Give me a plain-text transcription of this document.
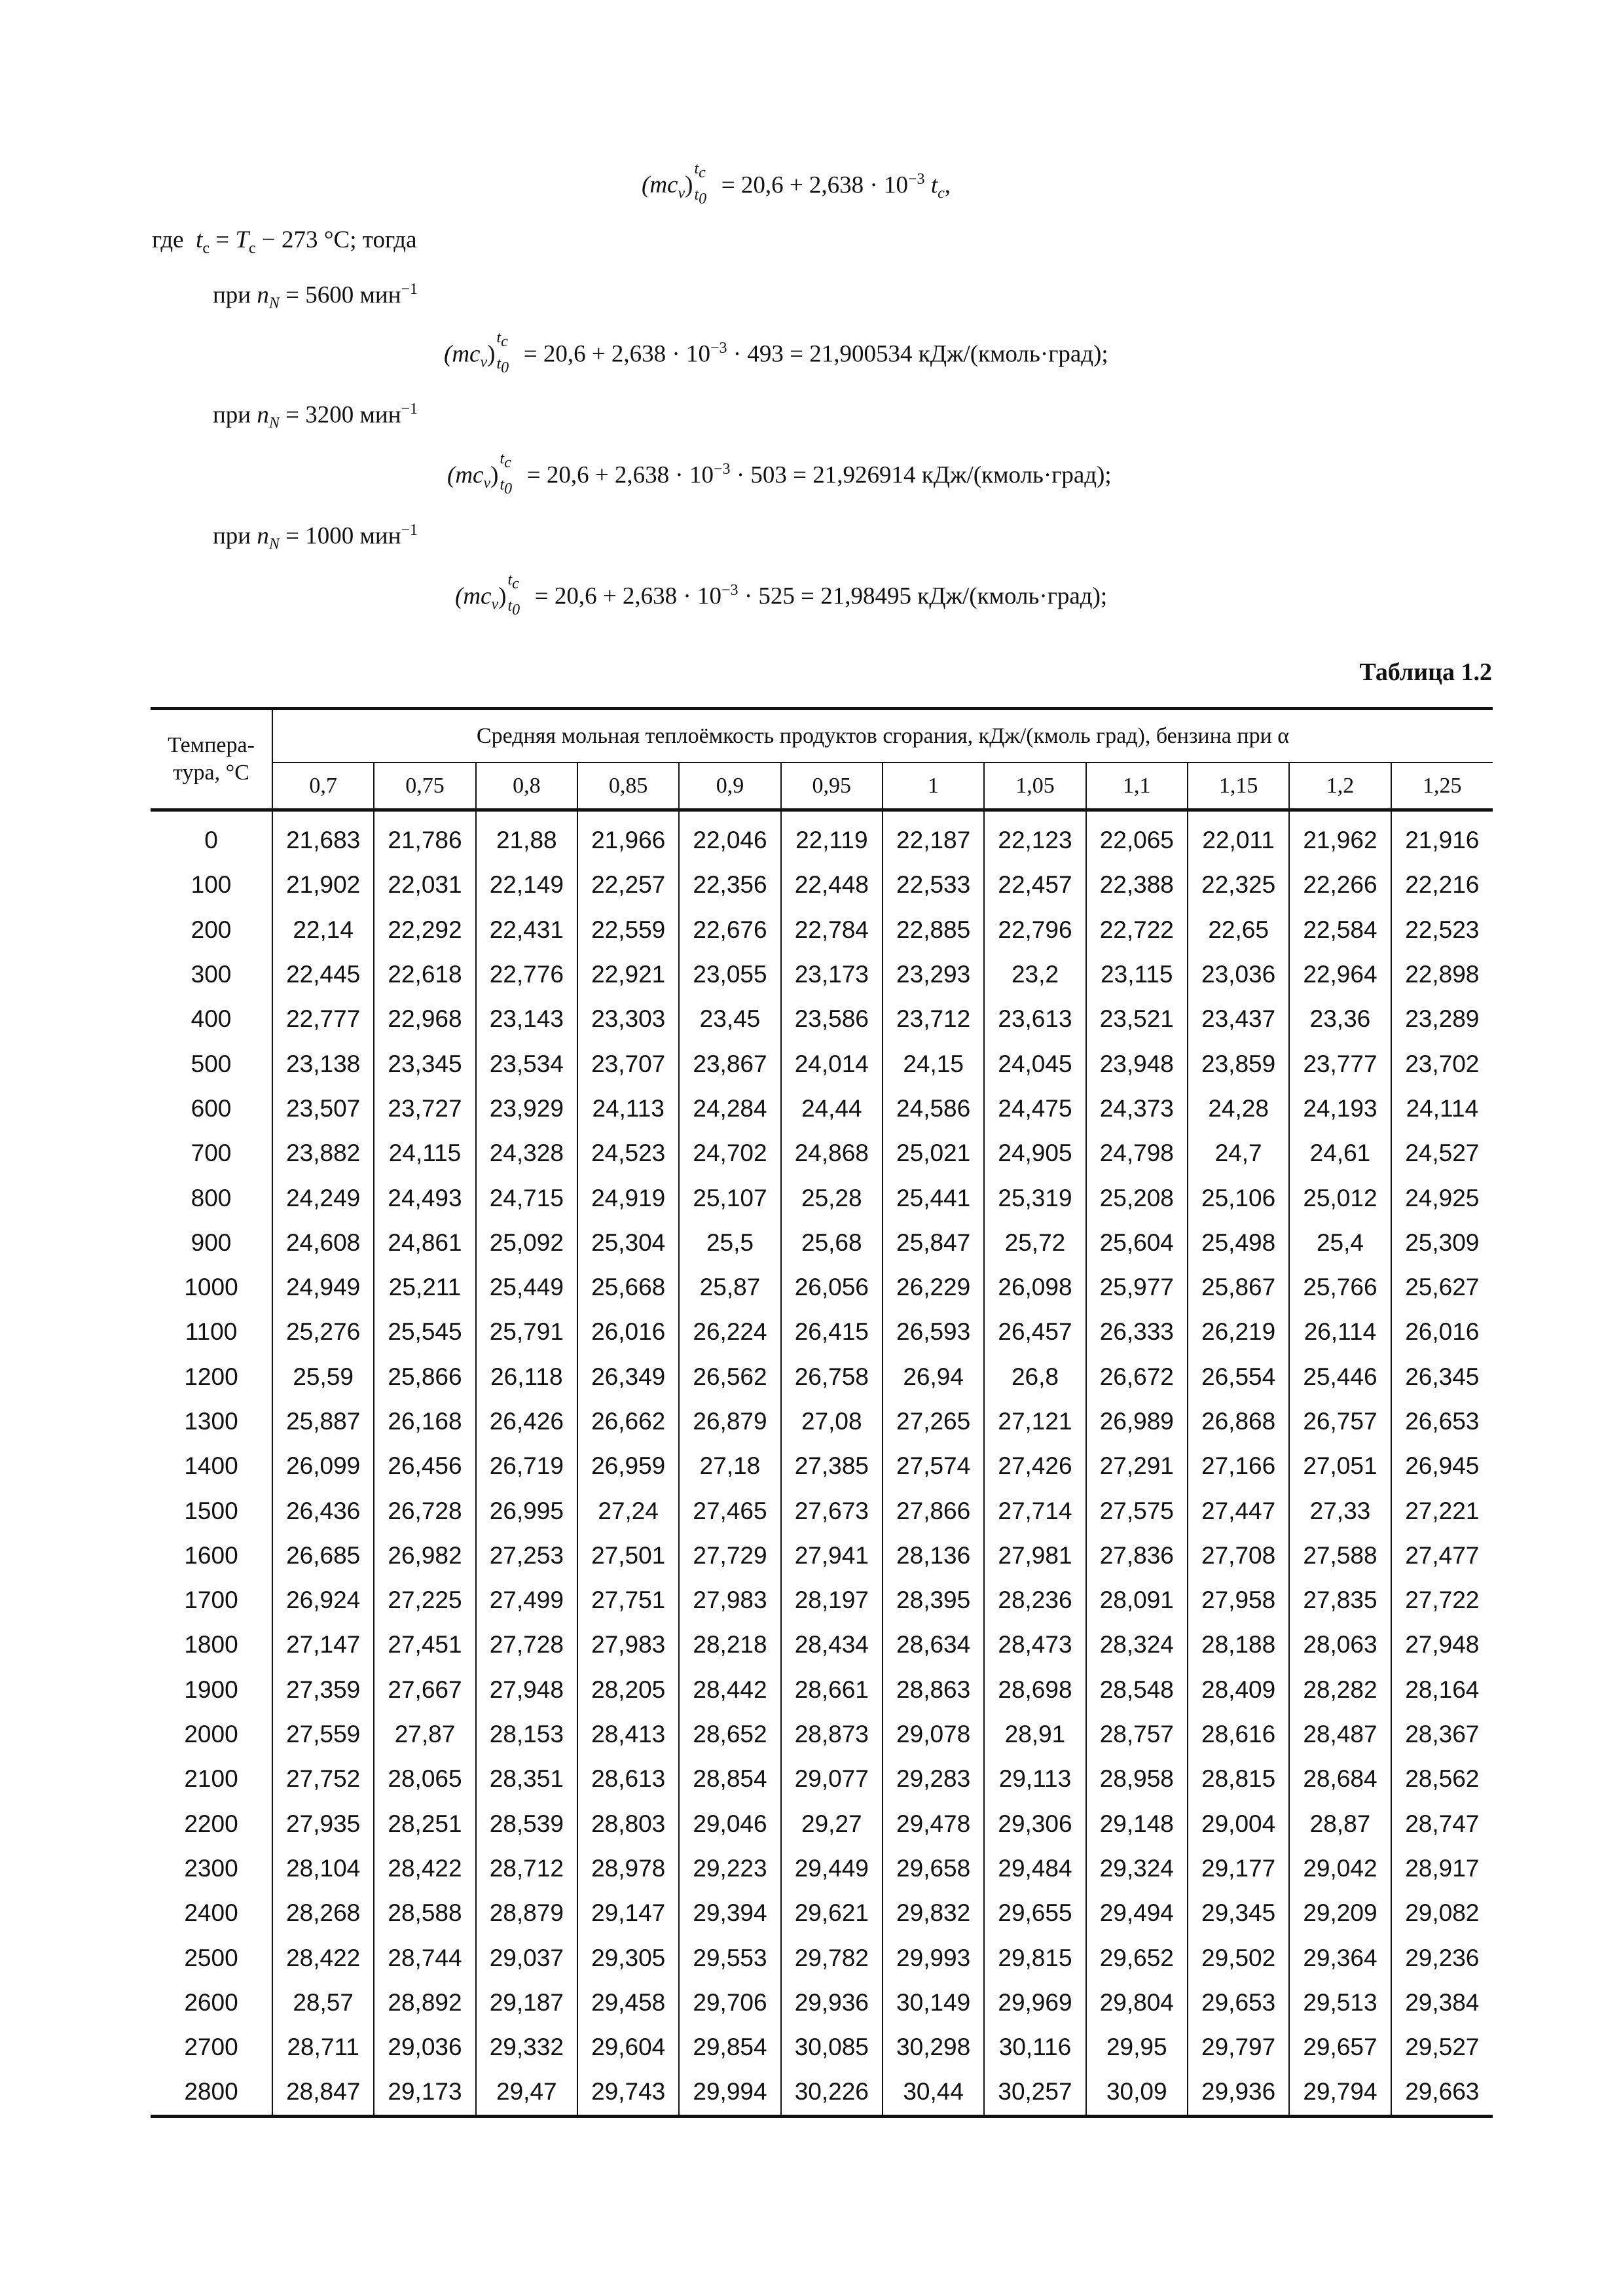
$(mc_v)$
$t_c$
$t_0$
= $20,6 + 2,638 \cdot 10^{-3}$ $t_c$,
где $t_c = T_c - 273$ °C; тогда
при $n_N = 5600$ мин$^{-1}$
$(mc_v)$
$t_c$
$t_0$
= $20,6 + 2,638 \cdot 10^{-3} \cdot 493 = 21,900534$ кДж/(кмоль·град);
при $n_N = 3200$ мин$^{-1}$
$(mc_v)$
$t_c$
$t_0$
= $20,6 + 2,638 \cdot 10^{-3} \cdot 503 = 21,926914$ кДж/(кмоль·град);
при $n_N = 1000$ мин$^{-1}$
$(mc_v)$
$t_c$
$t_0$
= $20,6 + 2,638 \cdot 10^{-3} \cdot 525 = 21,98495$ кДж/(кмоль·град);
Таблица 1.2
Темпера-
тура, °C	Средняя мольная теплоёмкость продуктов сгорания, кДж/(кмоль град), бензина при α											
	0,7	0,75	0,8	0,85	0,9	0,95	1	1,05	1,1	1,15	1,2	1,25
0	21,683	21,786	21,88	21,966	22,046	22,119	22,187	22,123	22,065	22,011	21,962	21,916
100	21,902	22,031	22,149	22,257	22,356	22,448	22,533	22,457	22,388	22,325	22,266	22,216
200	22,14	22,292	22,431	22,559	22,676	22,784	22,885	22,796	22,722	22,65	22,584	22,523
300	22,445	22,618	22,776	22,921	23,055	23,173	23,293	23,2	23,115	23,036	22,964	22,898
400	22,777	22,968	23,143	23,303	23,45	23,586	23,712	23,613	23,521	23,437	23,36	23,289
500	23,138	23,345	23,534	23,707	23,867	24,014	24,15	24,045	23,948	23,859	23,777	23,702
600	23,507	23,727	23,929	24,113	24,284	24,44	24,586	24,475	24,373	24,28	24,193	24,114
700	23,882	24,115	24,328	24,523	24,702	24,868	25,021	24,905	24,798	24,7	24,61	24,527
800	24,249	24,493	24,715	24,919	25,107	25,28	25,441	25,319	25,208	25,106	25,012	24,925
900	24,608	24,861	25,092	25,304	25,5	25,68	25,847	25,72	25,604	25,498	25,4	25,309
1000	24,949	25,211	25,449	25,668	25,87	26,056	26,229	26,098	25,977	25,867	25,766	25,627
1100	25,276	25,545	25,791	26,016	26,224	26,415	26,593	26,457	26,333	26,219	26,114	26,016
1200	25,59	25,866	26,118	26,349	26,562	26,758	26,94	26,8	26,672	26,554	25,446	26,345
1300	25,887	26,168	26,426	26,662	26,879	27,08	27,265	27,121	26,989	26,868	26,757	26,653
1400	26,099	26,456	26,719	26,959	27,18	27,385	27,574	27,426	27,291	27,166	27,051	26,945
1500	26,436	26,728	26,995	27,24	27,465	27,673	27,866	27,714	27,575	27,447	27,33	27,221
1600	26,685	26,982	27,253	27,501	27,729	27,941	28,136	27,981	27,836	27,708	27,588	27,477
1700	26,924	27,225	27,499	27,751	27,983	28,197	28,395	28,236	28,091	27,958	27,835	27,722
1800	27,147	27,451	27,728	27,983	28,218	28,434	28,634	28,473	28,324	28,188	28,063	27,948
1900	27,359	27,667	27,948	28,205	28,442	28,661	28,863	28,698	28,548	28,409	28,282	28,164
2000	27,559	27,87	28,153	28,413	28,652	28,873	29,078	28,91	28,757	28,616	28,487	28,367
2100	27,752	28,065	28,351	28,613	28,854	29,077	29,283	29,113	28,958	28,815	28,684	28,562
2200	27,935	28,251	28,539	28,803	29,046	29,27	29,478	29,306	29,148	29,004	28,87	28,747
2300	28,104	28,422	28,712	28,978	29,223	29,449	29,658	29,484	29,324	29,177	29,042	28,917
2400	28,268	28,588	28,879	29,147	29,394	29,621	29,832	29,655	29,494	29,345	29,209	29,082
2500	28,422	28,744	29,037	29,305	29,553	29,782	29,993	29,815	29,652	29,502	29,364	29,236
2600	28,57	28,892	29,187	29,458	29,706	29,936	30,149	29,969	29,804	29,653	29,513	29,384
2700	28,711	29,036	29,332	29,604	29,854	30,085	30,298	30,116	29,95	29,797	29,657	29,527
2800	28,847	29,173	29,47	29,743	29,994	30,226	30,44	30,257	30,09	29,936	29,794	29,663
